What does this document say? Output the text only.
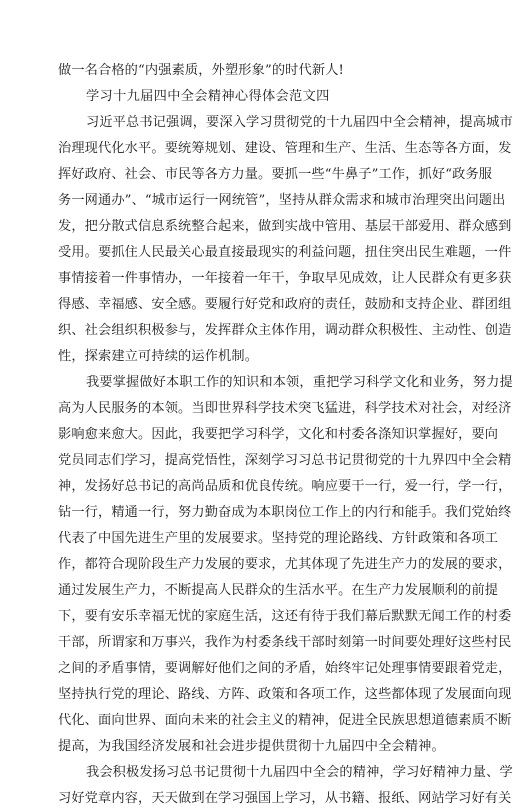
做一名合格的“内强素质，外塑形象”的时代新人!
学习十九届四中全会精神心得体会范文四
习近平总书记强调，要深入学习贯彻党的十九届四中全会精神，提高城市
治理现代化水平。要统筹规划、建设、管理和生产、生活、生态等各方面，发
挥好政府、社会、市民等各方力量。要抓一些“牛鼻子”工作，抓好“政务服
务一网通办”、“城市运行一网统管”，坚持从群众需求和城市治理突出问题出
发，把分散式信息系统整合起来，做到实战中管用、基层干部爱用、群众感到
受用。要抓住人民最关心最直接最现实的利益问题，扭住突出民生难题，一件
事情接着一件事情办，一年接着一年干，争取早见成效，让人民群众有更多获
得感、幸福感、安全感。要履行好党和政府的责任，鼓励和支持企业、群团组
织、社会组织积极参与，发挥群众主体作用，调动群众积极性、主动性、创造
性，探索建立可持续的运作机制。
我要掌握做好本职工作的知识和本领，重把学习科学文化和业务，努力提
高为人民服务的本领。当即世界科学技术突飞猛进，科学技术对社会，对经济
影响愈来愈大。因此，我要把学习科学，文化和村委各涤知识掌握好，要向
党员同志们学习，提高党悟性，深刻学习习总书记贯彻党的十九界四中全会精
神，发扬好总书记的高尚品质和优良传统。响应要干一行，爱一行，学一行，
钻一行，精通一行，努力勤奋成为本职岗位工作上的内行和能手。我们党始终
代表了中国先进生产里的发展要求。坚持党的理论路线、方针政策和各项工
作，都符合现阶段生产力发展的要求，尤其体现了先进生产力的发展的要求，
通过发展生产力，不断提高人民群众的生活水平。在生产力发展顺利的前提
下，要有安乐幸福无忧的家庭生活，这还有待于我们幕后默默无闻工作的村委
干部，所谓家和万事兴，我作为村委条线干部时刻第一时间要处理好这些村民
之间的矛盾事情，要调解好他们之间的矛盾，始终牢记处理事情要跟着党走，
坚持执行党的理论、路线、方阵、政策和各项工作，这些都体现了发展面向现
代化、面向世界、面向未来的社会主义的精神，促进全民族思想道德素质不断
提高，为我国经济发展和社会进步提供贯彻十九届四中全会精神。
我会积极发扬习总书记贯彻十九届四中全会的精神，学习好精神力量、学
习好党章内容，天天做到在学习强国上学习，从书籍、报纸、网站学习好有关
